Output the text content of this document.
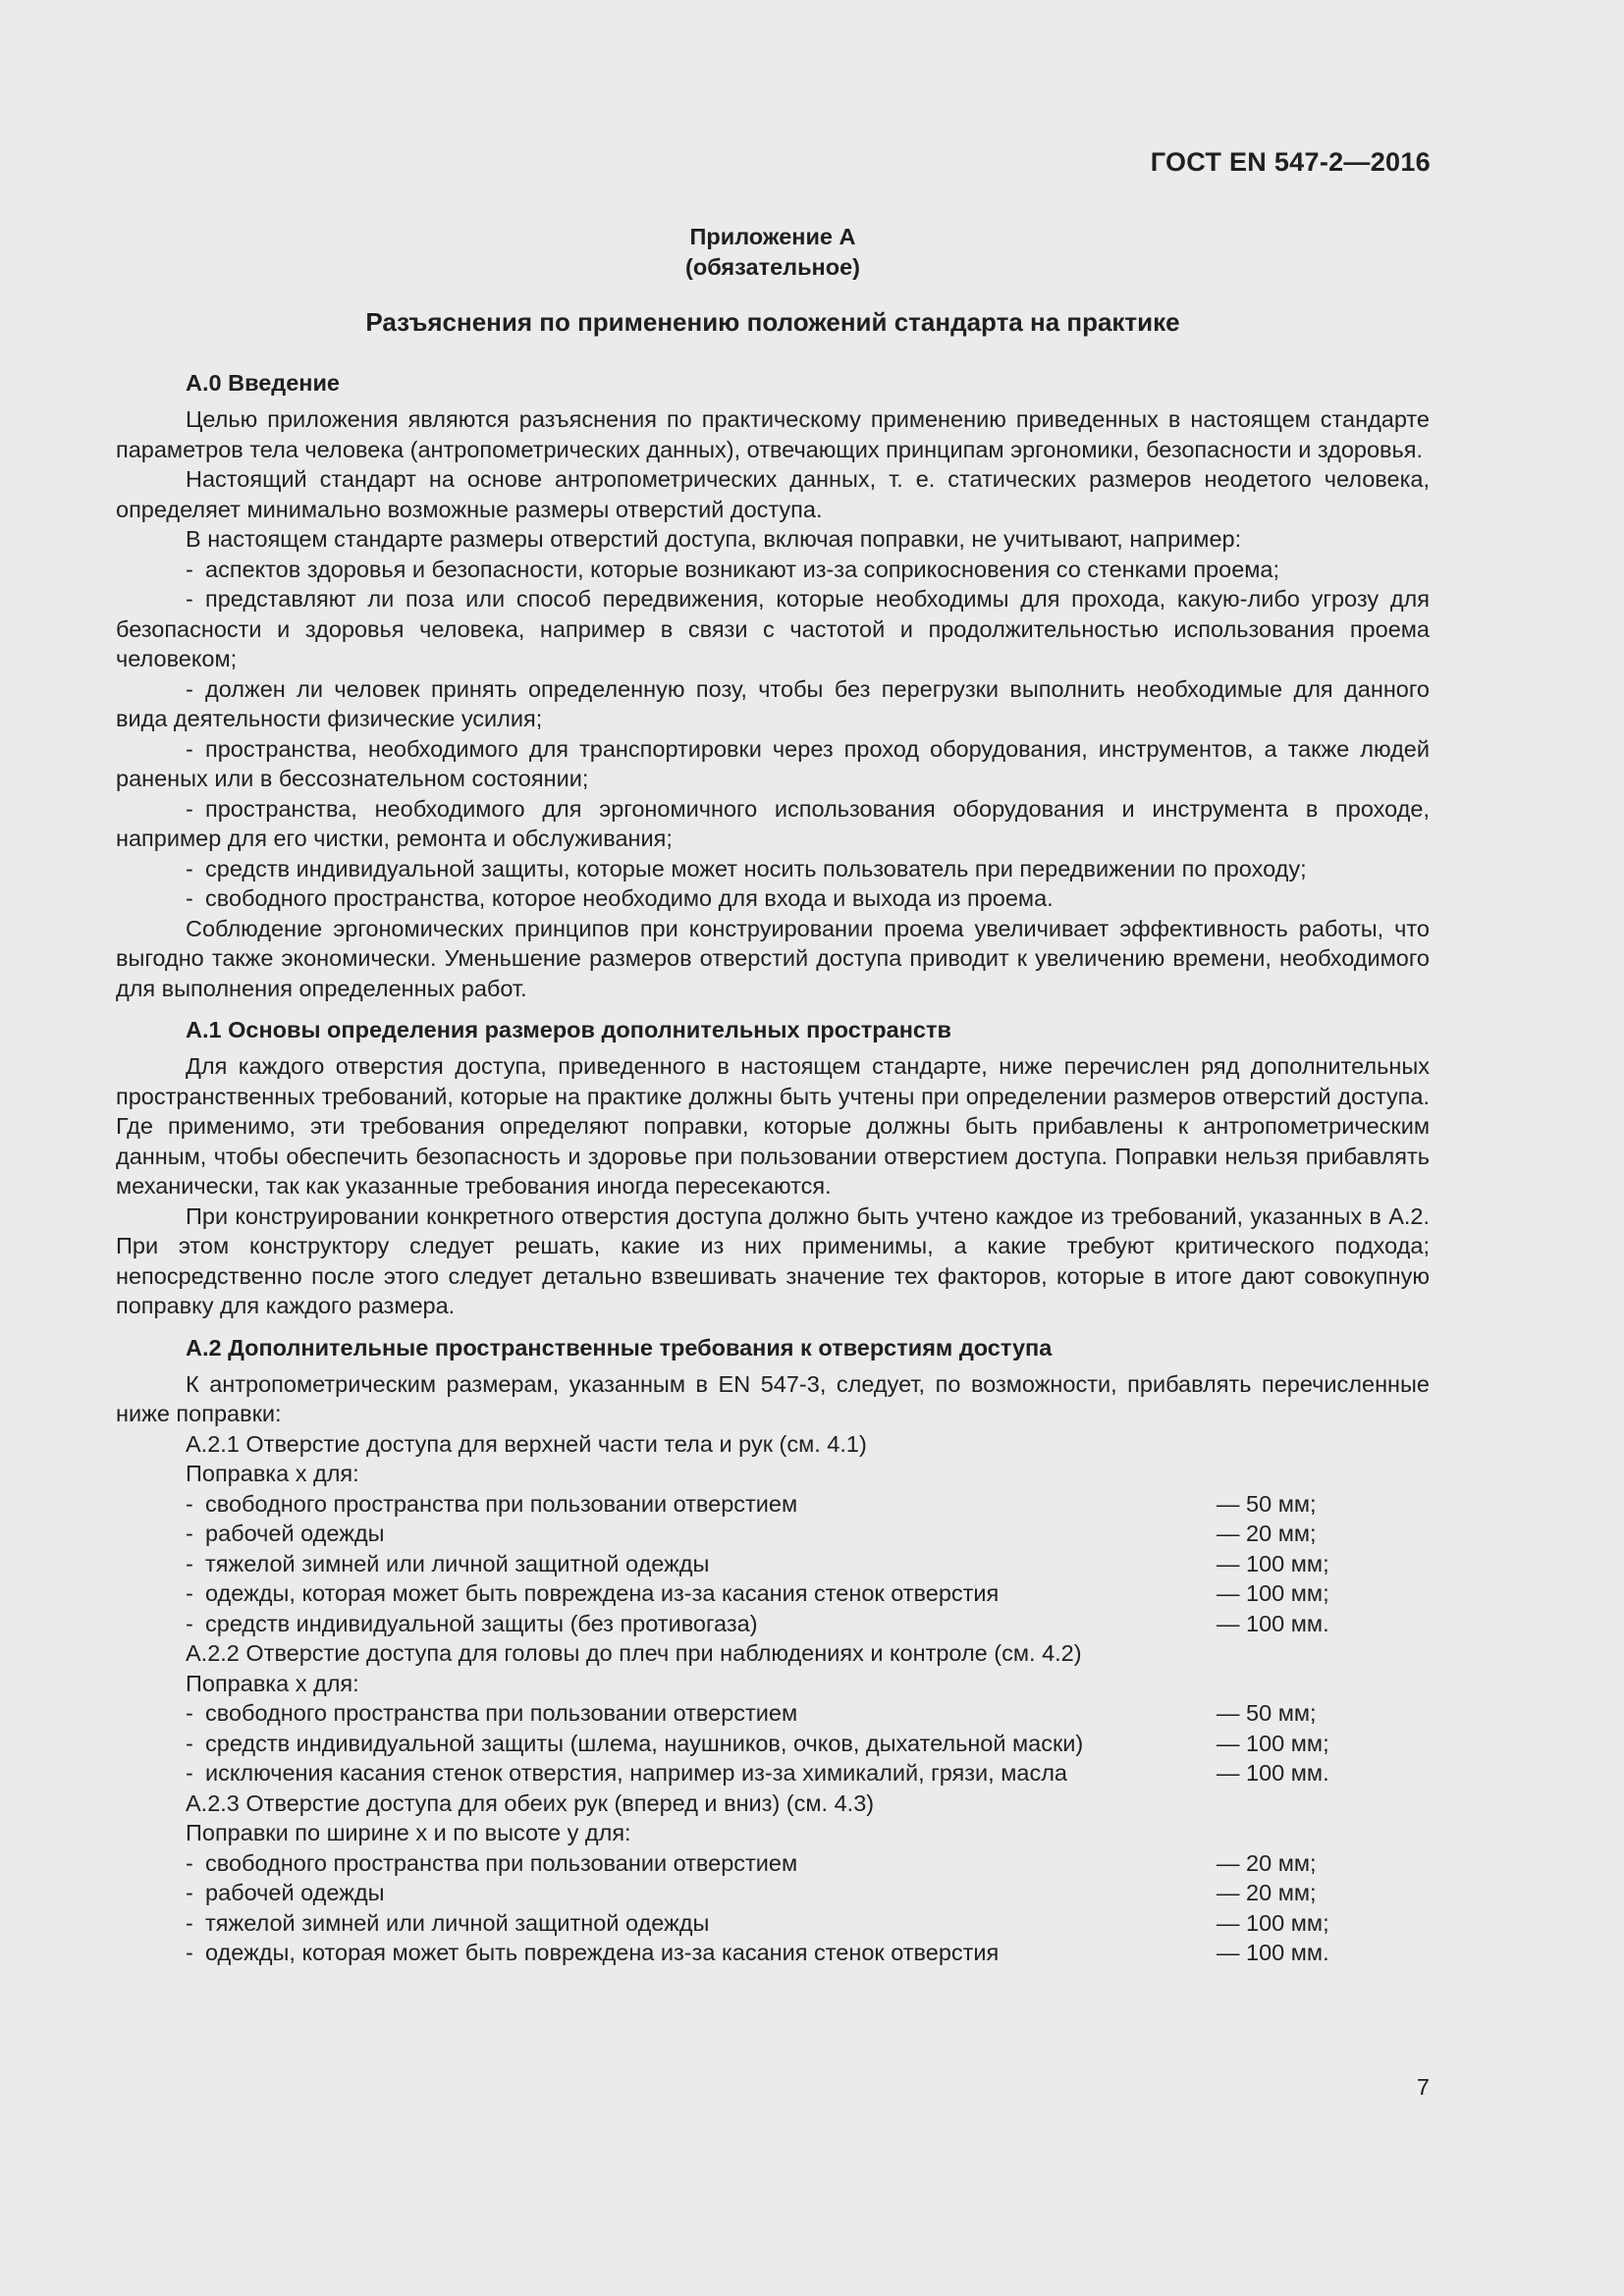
ГОСТ EN 547-2—2016
Приложение А
(обязательное)
Разъяснения по применению положений стандарта на практике
А.0 Введение

Целью приложения являются разъяснения по практическому применению приведенных в настоящем стандарте параметров тела человека (антропометрических данных), отвечающих принципам эргономики, безопасности и здоровья.

Настоящий стандарт на основе антропометрических данных, т. е. статических размеров неодетого человека, определяет минимально возможные размеры отверстий доступа.

В настоящем стандарте размеры отверстий доступа, включая поправки, не учитывают, например:

- аспектов здоровья и безопасности, которые возникают из-за соприкосновения со стенками проема;

- представляют ли поза или способ передвижения, которые необходимы для прохода, какую-либо угрозу для безопасности и здоровья человека, например в связи с частотой и продолжительностью использования проема человеком;

- должен ли человек принять определенную позу, чтобы без перегрузки выполнить необходимые для данного вида деятельности физические усилия;

- пространства, необходимого для транспортировки через проход оборудования, инструментов, а также людей раненых или в бессознательном состоянии;

- пространства, необходимого для эргономичного использования оборудования и инструмента в проходе, например для его чистки, ремонта и обслуживания;

- средств индивидуальной защиты, которые может носить пользователь при передвижении по проходу;

- свободного пространства, которое необходимо для входа и выхода из проема.

Соблюдение эргономических принципов при конструировании проема увеличивает эффективность работы, что выгодно также экономически. Уменьшение размеров отверстий доступа приводит к увеличению времени, необходимого для выполнения определенных работ.

А.1 Основы определения размеров дополнительных пространств

Для каждого отверстия доступа, приведенного в настоящем стандарте, ниже перечислен ряд дополнительных пространственных требований, которые на практике должны быть учтены при определении размеров отверстий доступа. Где применимо, эти требования определяют поправки, которые должны быть прибавлены к антропометрическим данным, чтобы обеспечить безопасность и здоровье при пользовании отверстием доступа. Поправки нельзя прибавлять механически, так как указанные требования иногда пересекаются.

При конструировании конкретного отверстия доступа должно быть учтено каждое из требований, указанных в А.2. При этом конструктору следует решать, какие из них применимы, а какие требуют критического подхода; непосредственно после этого следует детально взвешивать значение тех факторов, которые в итоге дают совокупную поправку для каждого размера.

А.2 Дополнительные пространственные требования к отверстиям доступа

К антропометрическим размерам, указанным в EN 547-3, следует, по возможности, прибавлять перечисленные ниже поправки:

А.2.1 Отверстие доступа для верхней части тела и рук (см. 4.1)
Поправка х для:
- свободного пространства при пользовании отверстием	— 50 мм;
- рабочей одежды	— 20 мм;
- тяжелой зимней или личной защитной одежды	— 100 мм;
- одежды, которая может быть повреждена из-за касания стенок отверстия	— 100 мм;
- средств индивидуальной защиты (без противогаза)	— 100 мм.
А.2.2 Отверстие доступа для головы до плеч при наблюдениях и контроле (см. 4.2)
Поправка х для:
- свободного пространства при пользовании отверстием	— 50 мм;
- средств индивидуальной защиты (шлема, наушников, очков, дыхательной маски)	— 100 мм;
- исключения касания стенок отверстия, например из-за химикалий, грязи, масла	— 100 мм.
А.2.3 Отверстие доступа для обеих рук (вперед и вниз) (см. 4.3)
Поправки по ширине х и по высоте у для:
- свободного пространства при пользовании отверстием	— 20 мм;
- рабочей одежды	— 20 мм;
- тяжелой зимней или личной защитной одежды	— 100 мм;
- одежды, которая может быть повреждена из-за касания стенок отверстия	— 100 мм.
7
